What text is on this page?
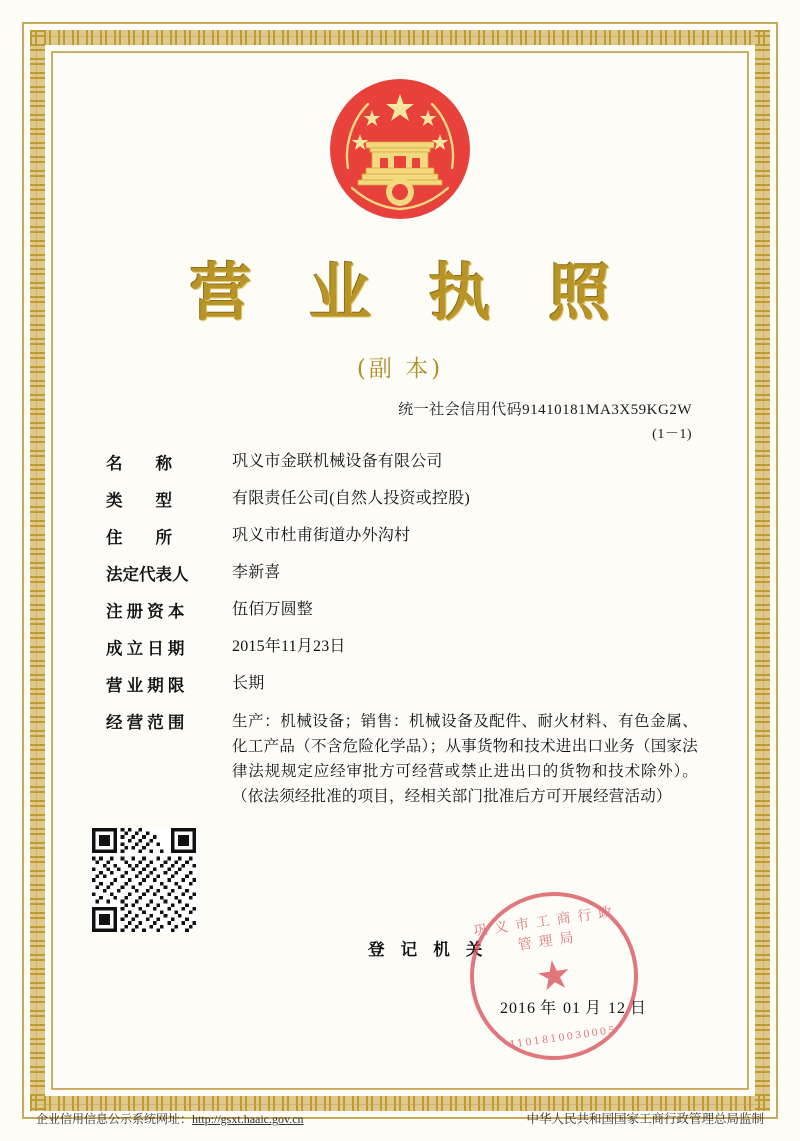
营 业 执 照
(副 本)
统一社会信用代码91410181MA3X59KG2W
(1－1)
名　　称	巩义市金联机械设备有限公司
类　　型	有限责任公司(自然人投资或控股)
住　　所	巩义市杜甫街道办外沟村
法定代表人	李新喜
注 册 资 本	伍佰万圆整
成 立 日 期	2015年11月23日
营 业 期 限	长期
经 营 范 围	生产：机械设备；销售：机械设备及配件、耐火材料、有色金属、化工产品（不含危险化学品）；从事货物和技术进出口业务（国家法律法规规定应经审批方可经营或禁止进出口的货物和技术除外）。（依法须经批准的项目，经相关部门批准后方可开展经营活动）
登 记 机 关
巩义市工商行政管理局
★
4101810030005
2016 年 01 月 12 日
企业信用信息公示系统网址：http://gsxt.haaic.gov.cn	中华人民共和国国家工商行政管理总局监制
